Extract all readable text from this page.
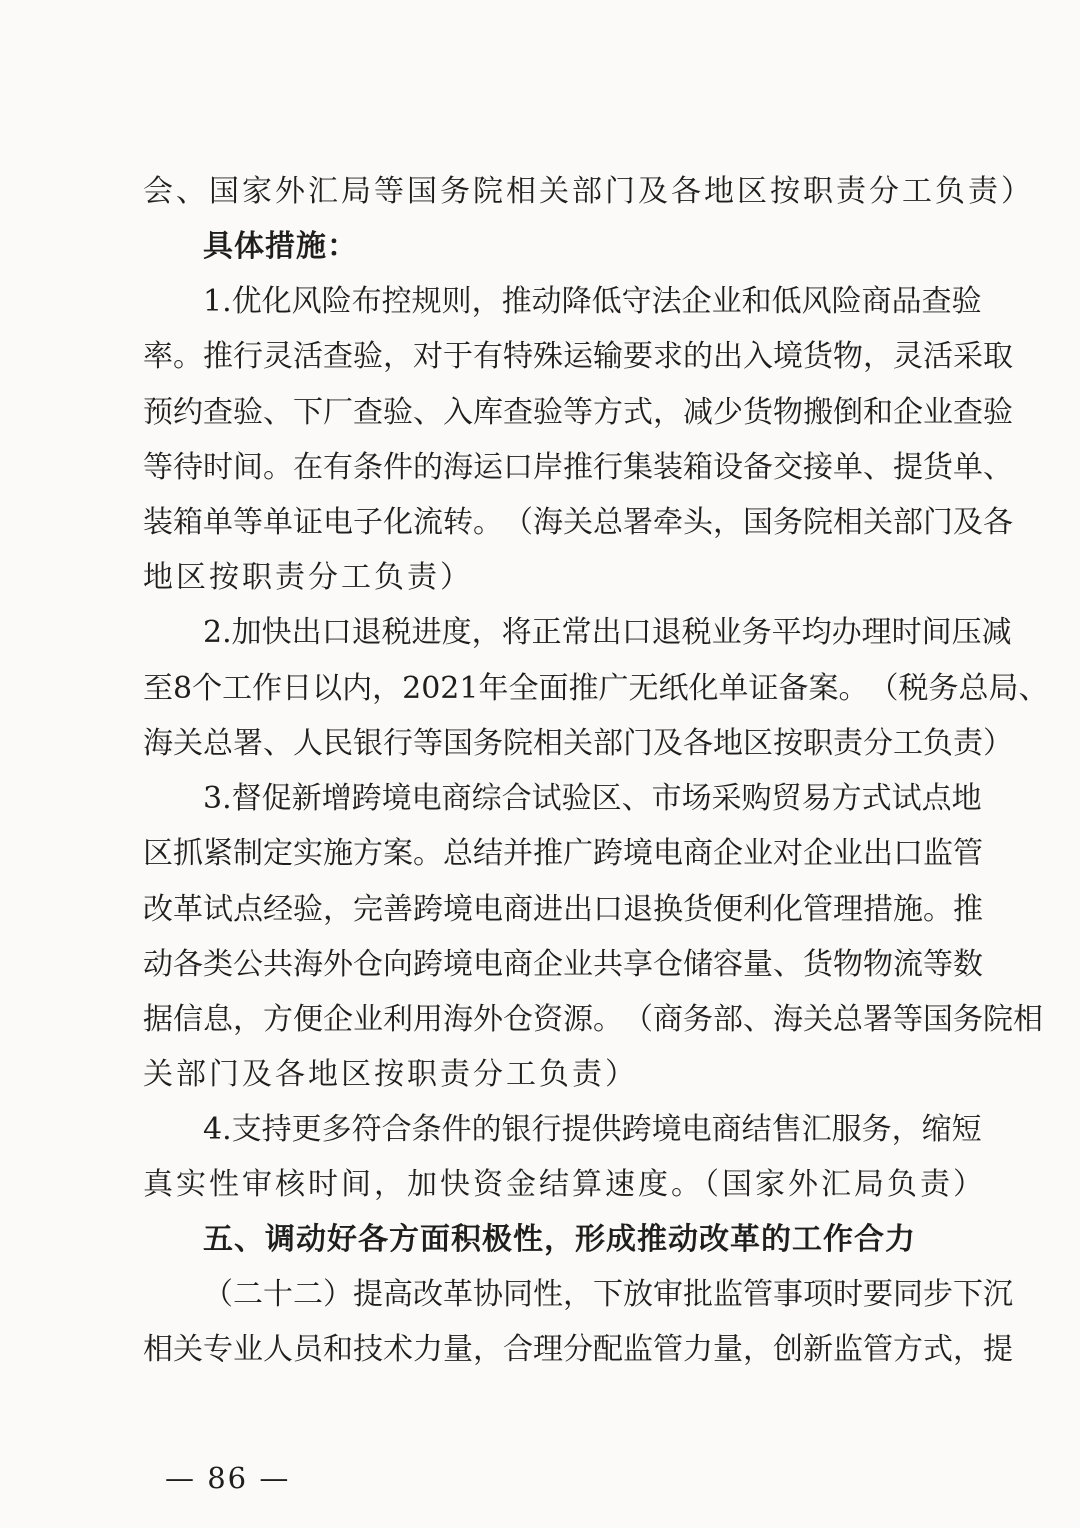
会、国家外汇局等国务院相关部门及各地区按职责分工负责）
具体措施：
1 . 优 化 风 险 布 控 规 则 ， 推 动 降 低 守 法 企 业 和 低 风 险 商 品 查 验
率 。 推 行 灵 活 查 验 ， 对 于 有 特 殊 运 输 要 求 的 出 入 境 货 物 ， 灵 活 采 取
预 约 查 验 、 下 厂 查 验 、 入 库 查 验 等 方 式 ， 减 少 货 物 搬 倒 和 企 业 查 验
等 待 时 间 。 在 有 条 件 的 海 运 口 岸 推 行 集 装 箱 设 备 交 接 单 、 提 货 单 、
装 箱 单 等 单 证 电 子 化 流 转 。 （ 海 关 总 署 牵 头 ， 国 务 院 相 关 部 门 及 各
地区按职责分工负责）
2 . 加 快 出 口 退 税 进 度 ， 将 正 常 出 口 退 税 业 务 平 均 办 理 时 间 压 减
至 8 个 工 作 日 以 内 ， 2 0 2 1 年 全 面 推 广 无 纸 化 单 证 备 案 。 （ 税 务 总 局 、
海 关 总 署 、 人 民 银 行 等 国 务 院 相 关 部 门 及 各 地 区 按 职 责 分 工 负 责 ）
3 . 督 促 新 增 跨 境 电 商 综 合 试 验 区 、 市 场 采 购 贸 易 方 式 试 点 地
区 抓 紧 制 定 实 施 方 案 。 总 结 并 推 广 跨 境 电 商 企 业 对 企 业 出 口 监 管
改 革 试 点 经 验 ， 完 善 跨 境 电 商 进 出 口 退 换 货 便 利 化 管 理 措 施 。 推
动 各 类 公 共 海 外 仓 向 跨 境 电 商 企 业 共 享 仓 储 容 量 、 货 物 物 流 等 数
据 信 息 ， 方 便 企 业 利 用 海 外 仓 资 源 。 （ 商 务 部 、 海 关 总 署 等 国 务 院 相
关部门及各地区按职责分工负责）
4 . 支 持 更 多 符 合 条 件 的 银 行 提 供 跨 境 电 商 结 售 汇 服 务 ， 缩 短
真实性审核时间，加快资金结算速度。（国家外汇局负责）
五、调动好各方面积极性，形成推动改革的工作合力
（ 二 十 二 ） 提 高 改 革 协 同 性 ， 下 放 审 批 监 管 事 项 时 要 同 步 下 沉
相 关 专 业 人 员 和 技 术 力 量 ， 合 理 分 配 监 管 力 量 ， 创 新 监 管 方 式 ， 提
— 86 —
